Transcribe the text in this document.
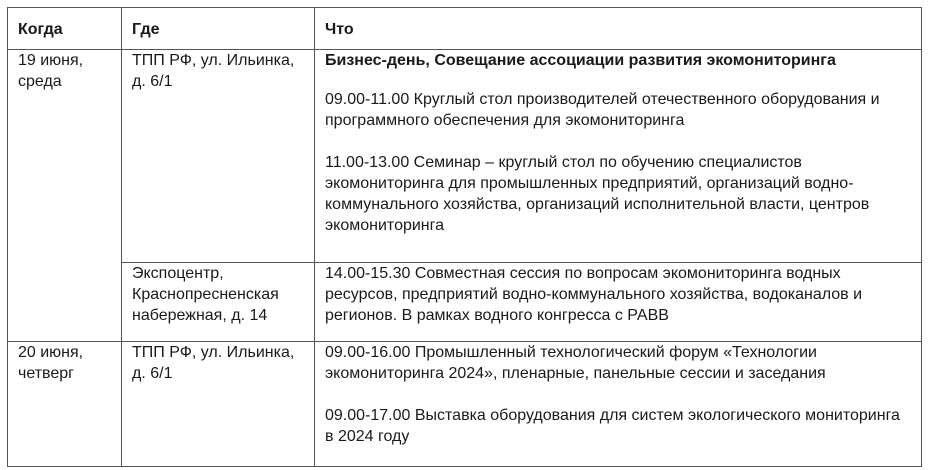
Когда	Где	Что
19 июня, среда	ТПП РФ, ул. Ильинка, д. 6/1	Бизнес-день, Совещание ассоциации развития экомониторинга

09.00-11.00 Круглый стол производителей отечественного оборудования и программного обеспечения для экомониторинга

11.00-13.00 Семинар – круглый стол по обучению специалистов экомониторинга для промышленных предприятий, организаций водно-коммунального хозяйства, организаций исполнительной власти, центров экомониторинга

	Экспоцентр, Краснопресненская набережная, д. 14	14.00-15.30 Совместная сессия по вопросам экомониторинга водных ресурсов, предприятий водно-коммунального хозяйства, водоканалов и регионов. В рамках водного конгресса с РАВВ

20 июня, четверг	ТПП РФ, ул. Ильинка, д. 6/1	09.00-16.00 Промышленный технологический форум «Технологии экомониторинга 2024», пленарные, панельные сессии и заседания

09.00-17.00 Выставка оборудования для систем экологического мониторинга в 2024 году
